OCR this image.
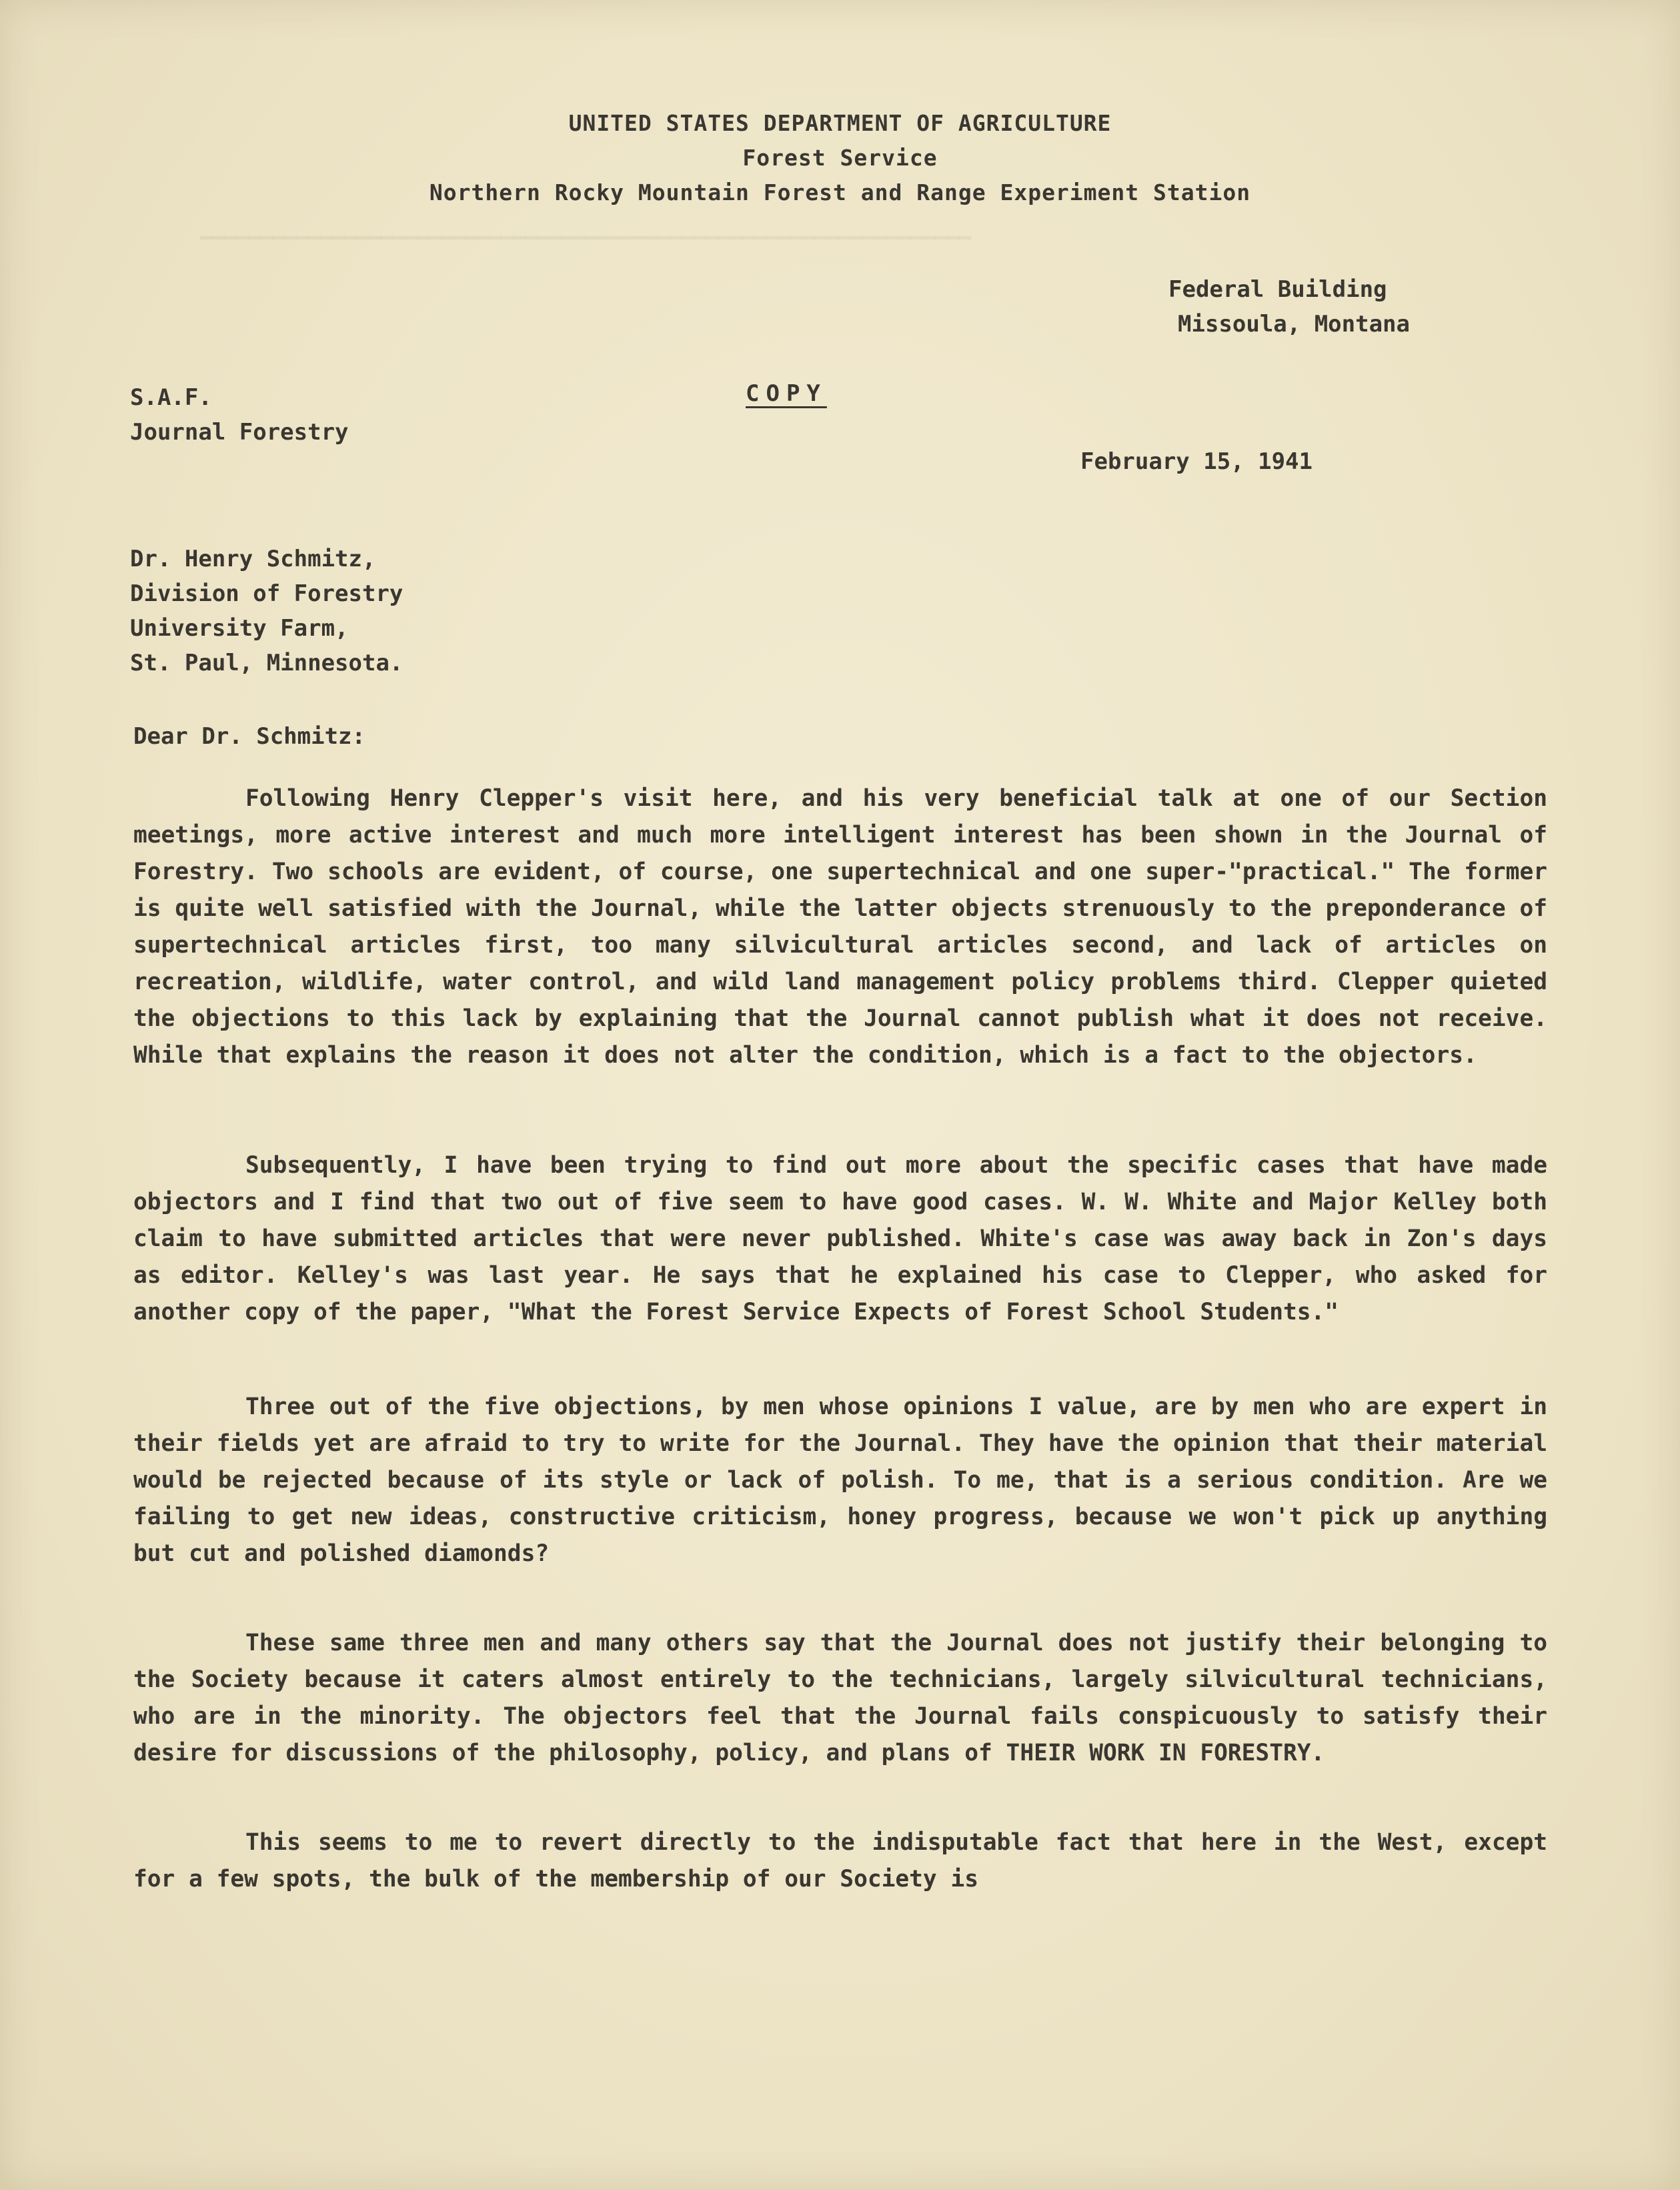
━━━━━━━━━━━━━━━━━━━━━━━━━━━━━━━━━━━━━━━━━━━━━━━━━━━━━━━━━━━━━━━━
UNITED STATES DEPARTMENT OF AGRICULTURE
Forest Service
Northern Rocky Mountain Forest and Range Experiment Station
Federal Building
Missoula, Montana
S.A.F.
Journal Forestry
COPY
February 15, 1941
Dr. Henry Schmitz,
Division of Forestry
University Farm,
St. Paul, Minnesota.
Dear Dr. Schmitz:
Following Henry Clepper's visit here, and his very beneficial talk at one of our Section meetings, more active interest and much more intelligent interest has been shown in the Journal of Forestry. Two schools are evident, of course, one supertechnical and one super-"practical." The former is quite well satisfied with the Journal, while the latter objects strenuously to the preponderance of supertechnical articles first, too many silvicultural articles second, and lack of articles on recreation, wildlife, water control, and wild land management policy problems third. Clepper quieted the objections to this lack by explaining that the Journal cannot publish what it does not receive. While that explains the reason it does not alter the condition, which is a fact to the objectors.
Subsequently, I have been trying to find out more about the specific cases that have made objectors and I find that two out of five seem to have good cases. W. W. White and Major Kelley both claim to have submitted articles that were never published. White's case was away back in Zon's days as editor. Kelley's was last year. He says that he explained his case to Clepper, who asked for another copy of the paper, "What the Forest Service Expects of Forest School Students."
Three out of the five objections, by men whose opinions I value, are by men who are expert in their fields yet are afraid to try to write for the Journal. They have the opinion that their material would be rejected because of its style or lack of polish. To me, that is a serious condition. Are we failing to get new ideas, constructive criticism, honey progress, because we won't pick up anything but cut and polished diamonds?
These same three men and many others say that the Journal does not justify their belonging to the Society because it caters almost entirely to the technicians, largely silvicultural technicians, who are in the minority. The objectors feel that the Journal fails conspicuously to satisfy their desire for discussions of the philosophy, policy, and plans of THEIR WORK IN FORESTRY.
This seems to me to revert directly to the indisputable fact that here in the West, except for a few spots, the bulk of the membership of our Society is
